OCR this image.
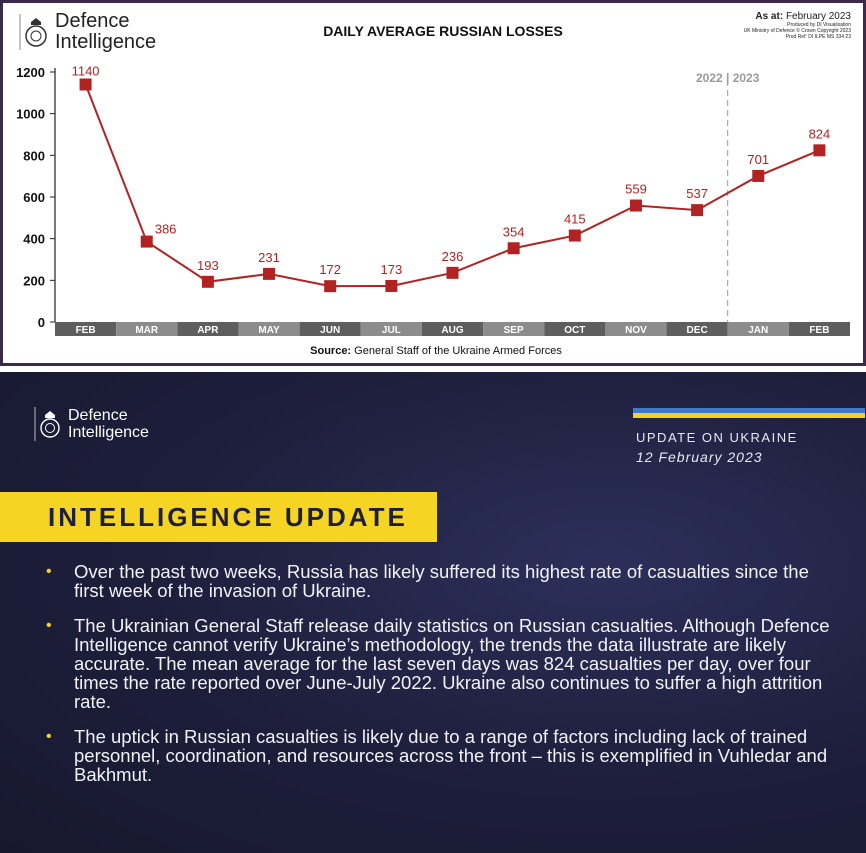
Defence
Intelligence	DAILY AVERAGE RUSSIAN LOSSES
As at: February 2023
Produced by DI Visualisation
UK Ministry of Defence © Crown Copyright 2023
Prod Ref: DI ILPE MS 334 23
Source: General Staff of the Ukraine Armed Forces
0
200
400
600
800
1000
1200
FEB	MAR	APR	MAY	JUN	JUL	AUG	SEP	OCT	NOV	DEC	JAN	FEB
2022 | 2023
1140
386
193
231
172	173
236
354
415
559	537
701
824
Defence
Intelligence	UPDATE ON UKRAINE
12 February 2023
INTELLIGENCE UPDATE
•	Over the past two weeks, Russia has likely suffered its highest rate of casualties since the first week of the invasion of Ukraine.
•	The Ukrainian General Staff release daily statistics on Russian casualties. Although Defence Intelligence cannot verify Ukraine’s methodology, the trends the data illustrate are likely accurate. The mean average for the last seven days was 824 casualties per day, over four times the rate reported over June-July 2022. Ukraine also continues to suffer a high attrition rate.
•	The uptick in Russian casualties is likely due to a range of factors including lack of trained personnel, coordination, and resources across the front – this is exemplified in Vuhledar and Bakhmut.
